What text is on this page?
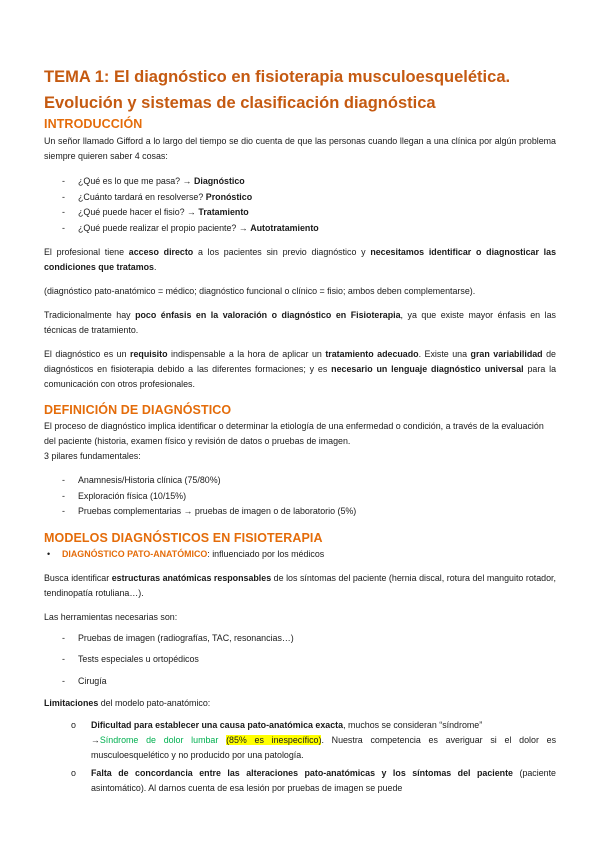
TEMA 1: El diagnóstico en fisioterapia musculoesquelética.
Evolución y sistemas de clasificación diagnóstica
INTRODUCCIÓN

Un señor llamado Gifford a lo largo del tiempo se dio cuenta de que las personas cuando llegan a una clínica por algún problema siempre quieren saber 4 cosas:

- ¿Qué es lo que me pasa? → Diagnóstico
- ¿Cuánto tardará en resolverse? Pronóstico
- ¿Qué puede hacer el fisio? → Tratamiento
- ¿Qué puede realizar el propio paciente? → Autotratamiento

El profesional tiene acceso directo a los pacientes sin previo diagnóstico y necesitamos identificar o diagnosticar las condiciones que tratamos.

(diagnóstico pato-anatómico = médico; diagnóstico funcional o clínico = fisio; ambos deben complementarse).

Tradicionalmente hay poco énfasis en la valoración o diagnóstico en Fisioterapia, ya que existe mayor énfasis en las técnicas de tratamiento.

El diagnóstico es un requisito indispensable a la hora de aplicar un tratamiento adecuado. Existe una gran variabilidad de diagnósticos en fisioterapia debido a las diferentes formaciones; y es necesario un lenguaje diagnóstico universal para la comunicación con otros profesionales.

DEFINICIÓN DE DIAGNÓSTICO

El proceso de diagnóstico implica identificar o determinar la etiología de una enfermedad o condición, a través de la evaluación del paciente (historia, examen físico y revisión de datos o pruebas de imagen.

3 pilares fundamentales:

- Anamnesis/Historia clínica (75/80%)
- Exploración física (10/15%)
- Pruebas complementarias → pruebas de imagen o de laboratorio (5%)
MODELOS DIAGNÓSTICOS EN FISIOTERAPIA
• DIAGNÓSTICO PATO-ANATÓMICO: influenciado por los médicos

Busca identificar estructuras anatómicas responsables de los síntomas del paciente (hernia discal, rotura del manguito rotador, tendinopatía rotuliana…).

Las herramientas necesarias son:

- Pruebas de imagen (radiografías, TAC, resonancias…)
- Tests especiales u ortopédicos
- Cirugía

Limitaciones del modelo pato-anatómico:

o Dificultad para establecer una causa pato-anatómica exacta, muchos se consideran “síndrome”
→Síndrome de dolor lumbar (85% es inespecífico). Nuestra competencia es averiguar si el dolor es musculoesquelético y no producido por una patología.
o Falta de concordancia entre las alteraciones pato-anatómicas y los síntomas del paciente (paciente asintomático). Al darnos cuenta de esa lesión por pruebas de imagen se puede
